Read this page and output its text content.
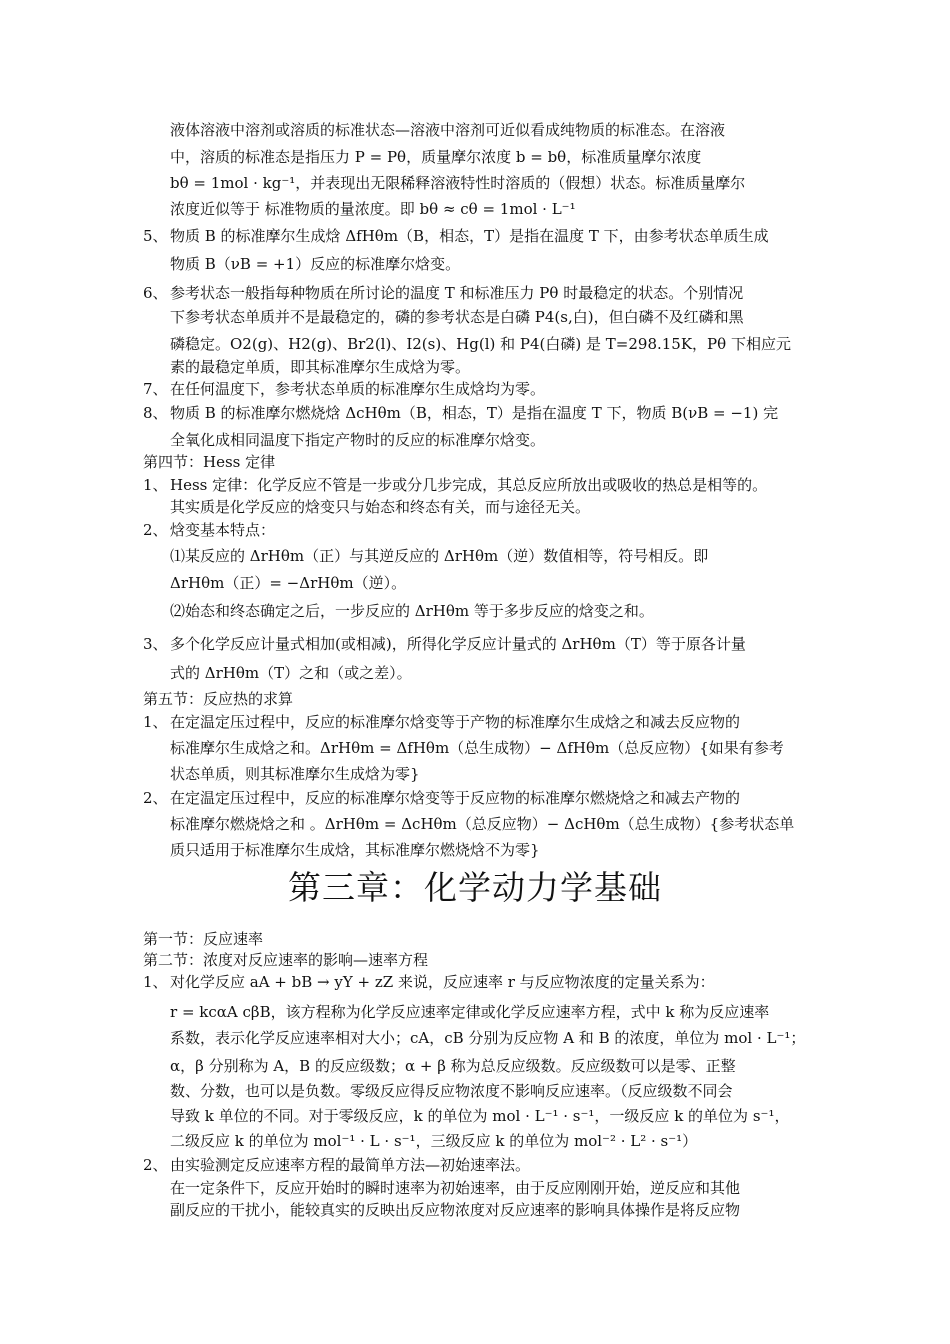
液体溶液中溶剂或溶质的标准状态—溶液中溶剂可近似看成纯物质的标准态。在溶液
中，溶质的标准态是指压力 P = Pθ，质量摩尔浓度 b = bθ，标准质量摩尔浓度
bθ = 1mol · kg⁻¹，并表现出无限稀释溶液特性时溶质的（假想）状态。标准质量摩尔
浓度近似等于 标准物质的量浓度。即 bθ ≈ cθ = 1mol · L⁻¹
5、 物质 B 的标准摩尔生成焓 ΔfHθm（B，相态，T）是指在温度 T 下，由参考状态单质生成
物质 B（νB = +1）反应的标准摩尔焓变。
6、 参考状态一般指每种物质在所讨论的温度 T 和标准压力 Pθ 时最稳定的状态。个别情况
下参考状态单质并不是最稳定的，磷的参考状态是白磷 P4(s,白)，但白磷不及红磷和黑
磷稳定。O2(g)、H2(g)、Br2(l)、I2(s)、Hg(l) 和 P4(白磷) 是 T=298.15K，Pθ 下相应元
素的最稳定单质，即其标准摩尔生成焓为零。
7、 在任何温度下，参考状态单质的标准摩尔生成焓均为零。
8、 物质 B 的标准摩尔燃烧焓 ΔcHθm（B，相态，T）是指在温度 T 下，物质 B(νB = −1) 完
全氧化成相同温度下指定产物时的反应的标准摩尔焓变。
第四节：Hess 定律
1、 Hess 定律：化学反应不管是一步或分几步完成，其总反应所放出或吸收的热总是相等的。
其实质是化学反应的焓变只与始态和终态有关，而与途径无关。
2、 焓变基本特点：
⑴某反应的 ΔrHθm（正）与其逆反应的 ΔrHθm（逆）数值相等，符号相反。即
ΔrHθm（正）= −ΔrHθm（逆）。
⑵始态和终态确定之后，一步反应的 ΔrHθm 等于多步反应的焓变之和。
3、 多个化学反应计量式相加(或相减)，所得化学反应计量式的 ΔrHθm（T）等于原各计量
式的 ΔrHθm（T）之和（或之差）。
第五节：反应热的求算
1、 在定温定压过程中，反应的标准摩尔焓变等于产物的标准摩尔生成焓之和减去反应物的
标准摩尔生成焓之和。ΔrHθm = ΔfHθm（总生成物）− ΔfHθm（总反应物）{如果有参考
状态单质，则其标准摩尔生成焓为零}
2、 在定温定压过程中，反应的标准摩尔焓变等于反应物的标准摩尔燃烧焓之和减去产物的
标准摩尔燃烧焓之和 。ΔrHθm = ΔcHθm（总反应物）− ΔcHθm（总生成物）{参考状态单
质只适用于标准摩尔生成焓，其标准摩尔燃烧焓不为零}
第三章：化学动力学基础
第一节：反应速率
第二节：浓度对反应速率的影响—速率方程
1、 对化学反应 aA + bB → yY + zZ 来说，反应速率 r 与反应物浓度的定量关系为：
r = kcαA cβB，该方程称为化学反应速率定律或化学反应速率方程，式中 k 称为反应速率
系数，表示化学反应速率相对大小；cA，cB 分别为反应物 A 和 B 的浓度，单位为 mol · L⁻¹；
α，β 分别称为 A，B 的反应级数；α + β 称为总反应级数。反应级数可以是零、正整
数、分数，也可以是负数。零级反应得反应物浓度不影响反应速率。（反应级数不同会
导致 k 单位的不同。对于零级反应，k 的单位为 mol · L⁻¹ · s⁻¹，一级反应 k 的单位为 s⁻¹，
二级反应 k 的单位为 mol⁻¹ · L · s⁻¹，三级反应 k 的单位为 mol⁻² · L² · s⁻¹）
2、 由实验测定反应速率方程的最简单方法—初始速率法。
在一定条件下，反应开始时的瞬时速率为初始速率，由于反应刚刚开始，逆反应和其他
副反应的干扰小，能较真实的反映出反应物浓度对反应速率的影响具体操作是将反应物
